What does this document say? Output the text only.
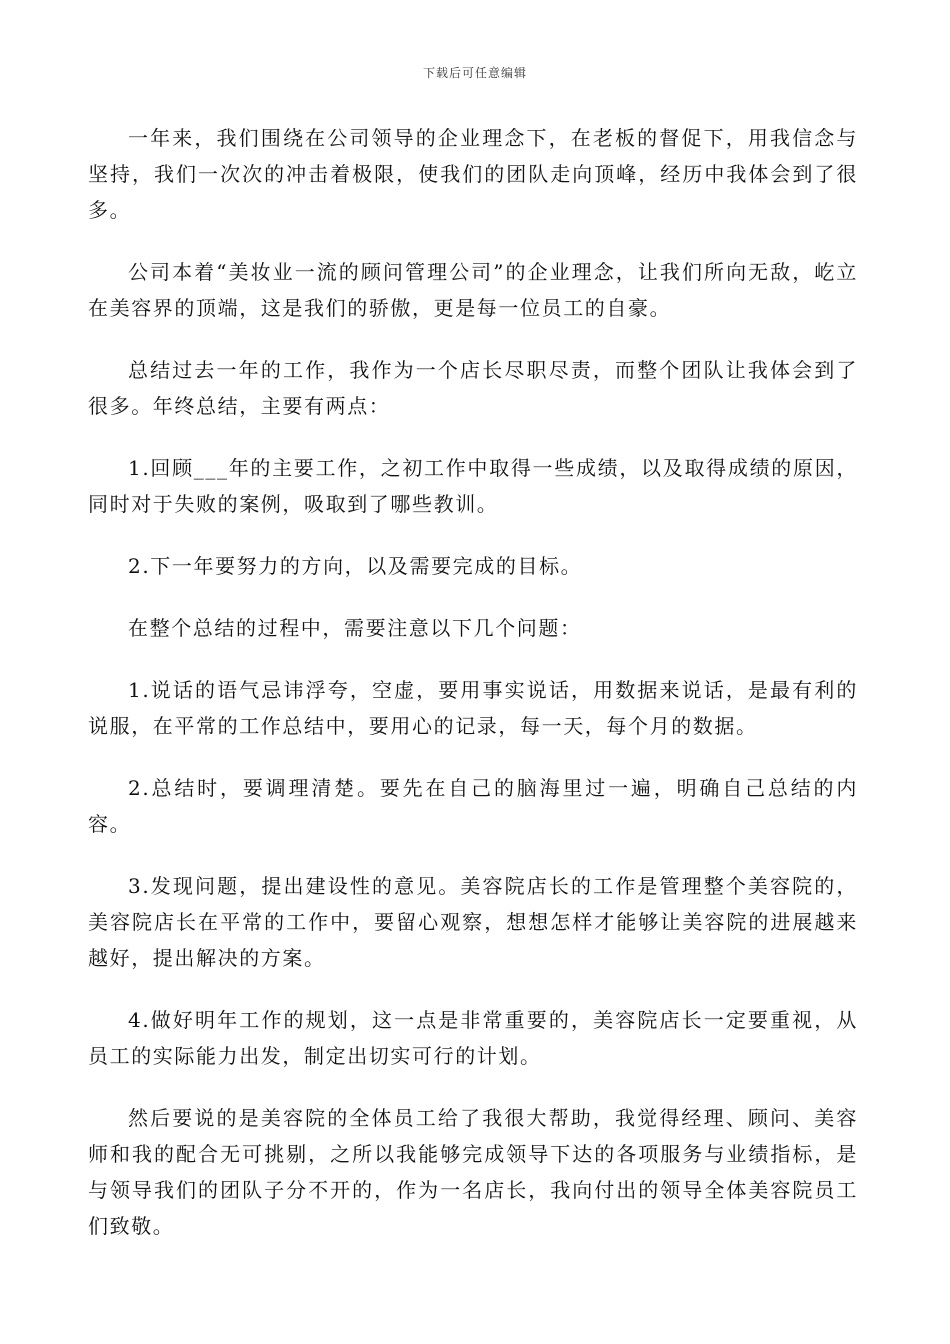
下载后可任意编辑

一年来，我们围绕在公司领导的企业理念下，在老板的督促下，用我信念与坚持，我们一次次的冲击着极限，使我们的团队走向顶峰，经历中我体会到了很多。

公司本着“美妆业一流的顾问管理公司”的企业理念，让我们所向无敌，屹立在美容界的顶端，这是我们的骄傲，更是每一位员工的自豪。

总结过去一年的工作，我作为一个店长尽职尽责，而整个团队让我体会到了很多。年终总结，主要有两点：

1.回顾___年的主要工作，之初工作中取得一些成绩，以及取得成绩的原因，同时对于失败的案例，吸取到了哪些教训。

2.下一年要努力的方向，以及需要完成的目标。

在整个总结的过程中，需要注意以下几个问题：

1.说话的语气忌讳浮夸，空虚，要用事实说话，用数据来说话，是最有利的说服，在平常的工作总结中，要用心的记录，每一天，每个月的数据。

2.总结时，要调理清楚。要先在自己的脑海里过一遍，明确自己总结的内容。

3.发现问题，提出建设性的意见。美容院店长的工作是管理整个美容院的，美容院店长在平常的工作中，要留心观察，想想怎样才能够让美容院的进展越来越好，提出解决的方案。

4.做好明年工作的规划，这一点是非常重要的，美容院店长一定要重视，从员工的实际能力出发，制定出切实可行的计划。

然后要说的是美容院的全体员工给了我很大帮助，我觉得经理、顾问、美容师和我的配合无可挑剔，之所以我能够完成领导下达的各项服务与业绩指标，是与领导我们的团队子分不开的，作为一名店长，我向付出的领导全体美容院员工们致敬。
